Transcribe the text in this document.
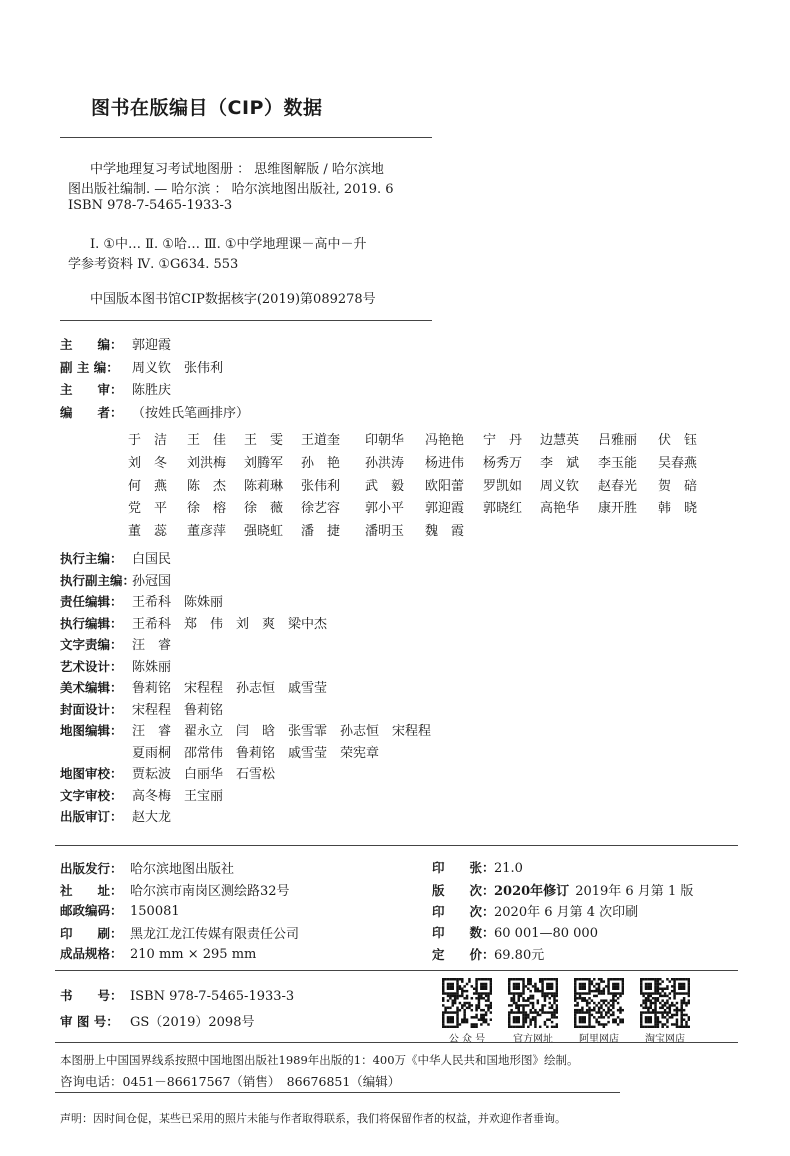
图书在版编目（CIP）数据
中学地理复习考试地图册 ： 思维图解版 / 哈尔滨地
图出版社编制. — 哈尔滨 ： 哈尔滨地图出版社, 2019. 6
ISBN 978-7-5465-1933-3
Ⅰ. ①中… Ⅱ. ①哈… Ⅲ. ①中学地理课－高中－升
学参考资料 Ⅳ. ①G634. 553
中国版本图书馆CIP数据核字(2019)第089278号
主　　编： 郭迎霞
副 主 编： 周义钦　张伟利
主　　审： 陈胜庆
编　　者： （按姓氏笔画排序）
于　洁 王　佳 王　雯 王道奎 印朝华 冯艳艳 宁　丹 边慧英 吕雅丽 伏　钰
刘　冬 刘洪梅 刘腾军 孙　艳 孙洪涛 杨进伟 杨秀万 李　斌 李玉能 吴春燕
何　燕 陈　杰 陈莉琳 张伟利 武　毅 欧阳蕾 罗凯如 周义钦 赵春光 贺　碚
党　平 徐　榕 徐　薇 徐艺容 郭小平 郭迎霞 郭晓红 高艳华 康开胜 韩　晓
董　蕊 董彦萍 强晓虹 潘　捷 潘明玉 魏　霞
执行主编： 白国民
执行副主编：孙冠国
责任编辑： 王希科　陈姝丽
执行编辑： 王希科　郑　伟　刘　爽　梁中杰
文字责编： 汪　睿
艺术设计： 陈姝丽
美术编辑： 鲁莉铭　宋程程　孙志恒　戚雪莹
封面设计： 宋程程　鲁莉铭
地图编辑： 汪　睿　翟永立　闫　晗　张雪霏　孙志恒　宋程程
夏雨桐　邵常伟　鲁莉铭　戚雪莹　荣宪章
地图审校： 贾耘波　白丽华　石雪松
文字审校： 高冬梅　王宝丽
出版审订： 赵大龙
出版发行： 哈尔滨地图出版社
社　　址： 哈尔滨市南岗区测绘路32号
邮政编码： 150081
印　　刷： 黑龙江龙江传媒有限责任公司
成品规格： 210 mm × 295 mm
印　　张：21.0
版　　次：2020年修订 2019年 6 月第 1 版
印　　次：2020年 6 月第 4 次印刷
印　　数：60 001—80 000
定　　价：69.80元
书　　号： ISBN 978-7-5465-1933-3
审 图 号： GS（2019）2098号
公 众 号	官方网址	阿里网店	淘宝网店
本图册上中国国界线系按照中国地图出版社1989年出版的1：400万《中华人民共和国地形图》绘制。
咨询电话：0451－86617567（销售）　86676851（编辑）
声明：因时间仓促，某些已采用的照片未能与作者取得联系，我们将保留作者的权益，并欢迎作者垂询。
